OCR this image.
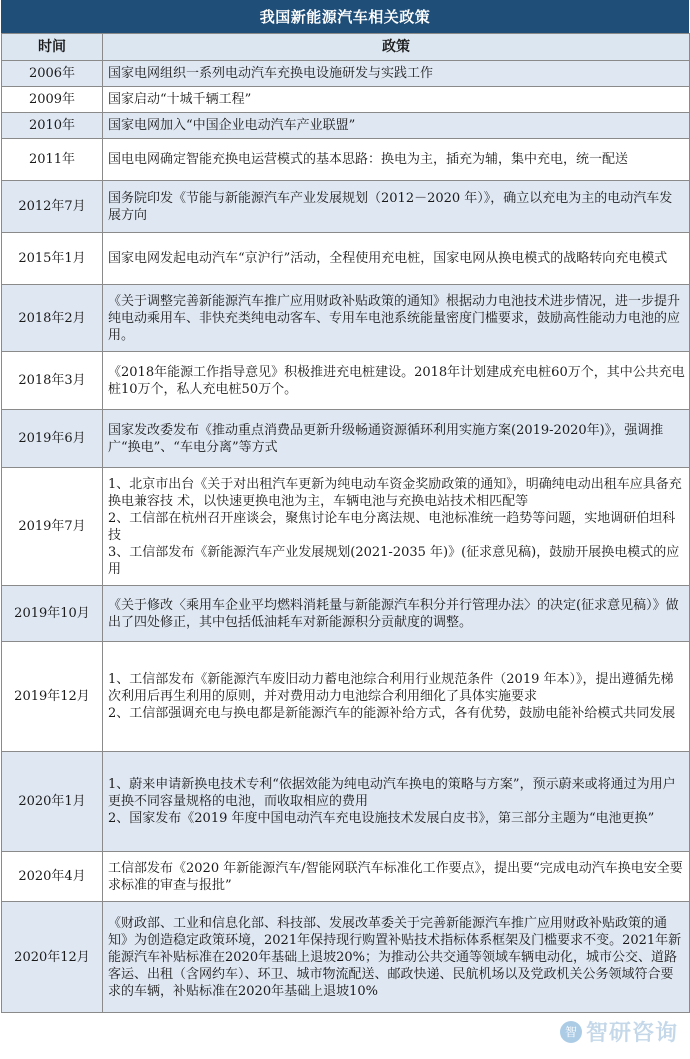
我国新能源汽车相关政策
时间	政策
2006年	国家电网组织一系列电动汽车充换电设施研发与实践工作

2009年	国家启动“十城千辆工程”

2010年	国家电网加入“中国企业电动汽车产业联盟”

2011年	国电电网确定智能充换电运营模式的基本思路：换电为主，插充为辅，集中充电，统一配送

2012年7月	国务院印发《节能与新能源汽车产业发展规划（2012－2020 年）》，确立以充电为主的电动汽车发展方向

2015年1月	国家电网发起电动汽车“京沪行”活动，全程使用充电桩，国家电网从换电模式的战略转向充电模式

2018年2月	《关于调整完善新能源汽车推广应用财政补贴政策的通知》根据动力电池技术进步情况，进一步提升纯电动乘用车、非快充类纯电动客车、专用车电池系统能量密度门槛要求，鼓励高性能动力电池的应用。

2018年3月	《2018年能源工作指导意见》积极推进充电桩建设。2018年计划建成充电桩60万个，其中公共充电桩10万个，私人充电桩50万个。

2019年6月	国家发改委发布《推动重点消费品更新升级畅通资源循环利用实施方案(2019-2020年)》，强调推广“换电”、“车电分离”等方式

2019年7月	1、北京市出台《关于对出租汽车更新为纯电动车资金奖励政策的通知》，明确纯电动出租车应具备充换电兼容技 术，以快速更换电池为主，车辆电池与充换电站技术相匹配等
2、工信部在杭州召开座谈会，聚焦讨论车电分离法规、电池标准统一趋势等问题，实地调研伯坦科技
3、工信部发布《新能源汽车产业发展规划(2021-2035 年)》(征求意见稿)，鼓励开展换电模式的应用

2019年10月	《关于修改〈乘用车企业平均燃料消耗量与新能源汽车积分并行管理办法〉的决定(征求意见稿）》做出了四处修正，其中包括低油耗车对新能源积分贡献度的调整。

2019年12月	1、工信部发布《新能源汽车废旧动力蓄电池综合利用行业规范条件（2019 年本）》，提出遵循先梯次利用后再生利用的原则，并对费用动力电池综合利用细化了具体实施要求
2、工信部强调充电与换电都是新能源汽车的能源补给方式，各有优势，鼓励电能补给模式共同发展

2020年1月	1、蔚来申请新换电技术专利“依据效能为纯电动汽车换电的策略与方案”，预示蔚来或将通过为用户更换不同容量规格的电池，而收取相应的费用
2、国家发布《2019 年度中国电动汽车充电设施技术发展白皮书》，第三部分主题为“电池更换”

2020年4月	工信部发布《2020 年新能源汽车/智能网联汽车标准化工作要点》，提出要“完成电动汽车换电安全要求标准的审查与报批”

2020年12月	《财政部、工业和信息化部、科技部、发展改革委关于完善新能源汽车推广应用财政补贴政策的通知》为创造稳定政策环境，2021年保持现行购置补贴技术指标体系框架及门槛要求不变。2021年新能源汽车补贴标准在2020年基础上退坡20%；为推动公共交通等领域车辆电动化，城市公交、道路客运、出租（含网约车）、环卫、城市物流配送、邮政快递、民航机场以及党政机关公务领域符合要求的车辆，补贴标准在2020年基础上退坡10%
智 智研咨询
